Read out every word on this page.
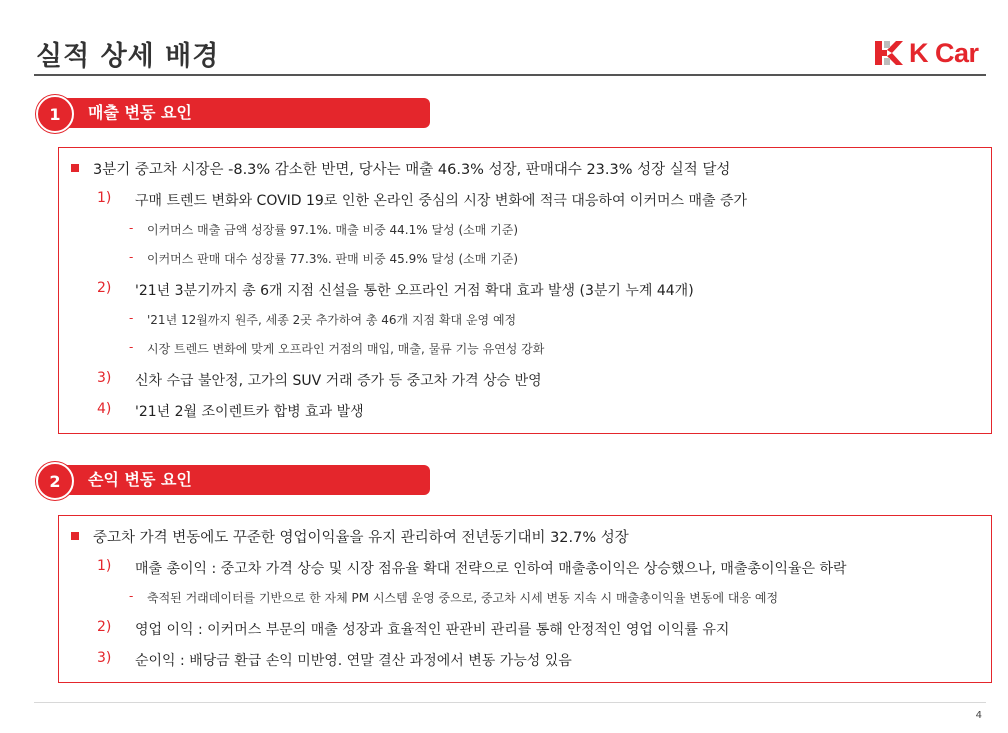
실적 상세 배경	K Car
1	매출 변동 요인
3분기 중고차 시장은 -8.3% 감소한 반면, 당사는 매출 46.3% 성장, 판매대수 23.3% 성장 실적 달성
1) 구매 트렌드 변화와 COVID 19로 인한 온라인 중심의 시장 변화에 적극 대응하여 이커머스 매출 증가
- 이커머스 매출 금액 성장률 97.1%. 매출 비중 44.1% 달성 (소매 기준)
- 이커머스 판매 대수 성장률 77.3%. 판매 비중 45.9% 달성 (소매 기준)
2) '21년 3분기까지 총 6개 지점 신설을 통한 오프라인 거점 확대 효과 발생 (3분기 누계 44개)
- '21년 12월까지 원주, 세종 2곳 추가하여 총 46개 지점 확대 운영 예정
- 시장 트렌드 변화에 맞게 오프라인 거점의 매입, 매출, 물류 기능 유연성 강화
3) 신차 수급 불안정, 고가의 SUV 거래 증가 등 중고차 가격 상승 반영
4) '21년 2월 조이렌트카 합병 효과 발생
2	손익 변동 요인
중고차 가격 변동에도 꾸준한 영업이익율을 유지 관리하여 전년동기대비 32.7% 성장
1) 매출 총이익 : 중고차 가격 상승 및 시장 점유율 확대 전략으로 인하여 매출총이익은 상승했으나, 매출총이익율은 하락
- 축적된 거래데이터를 기반으로 한 자체 PM 시스템 운영 중으로, 중고차 시세 변동 지속 시 매출총이익율 변동에 대응 예정
2) 영업 이익 : 이커머스 부문의 매출 성장과 효율적인 판관비 관리를 통해 안정적인 영업 이익률 유지
3) 순이익 : 배당금 환급 손익 미반영. 연말 결산 과정에서 변동 가능성 있음
4
